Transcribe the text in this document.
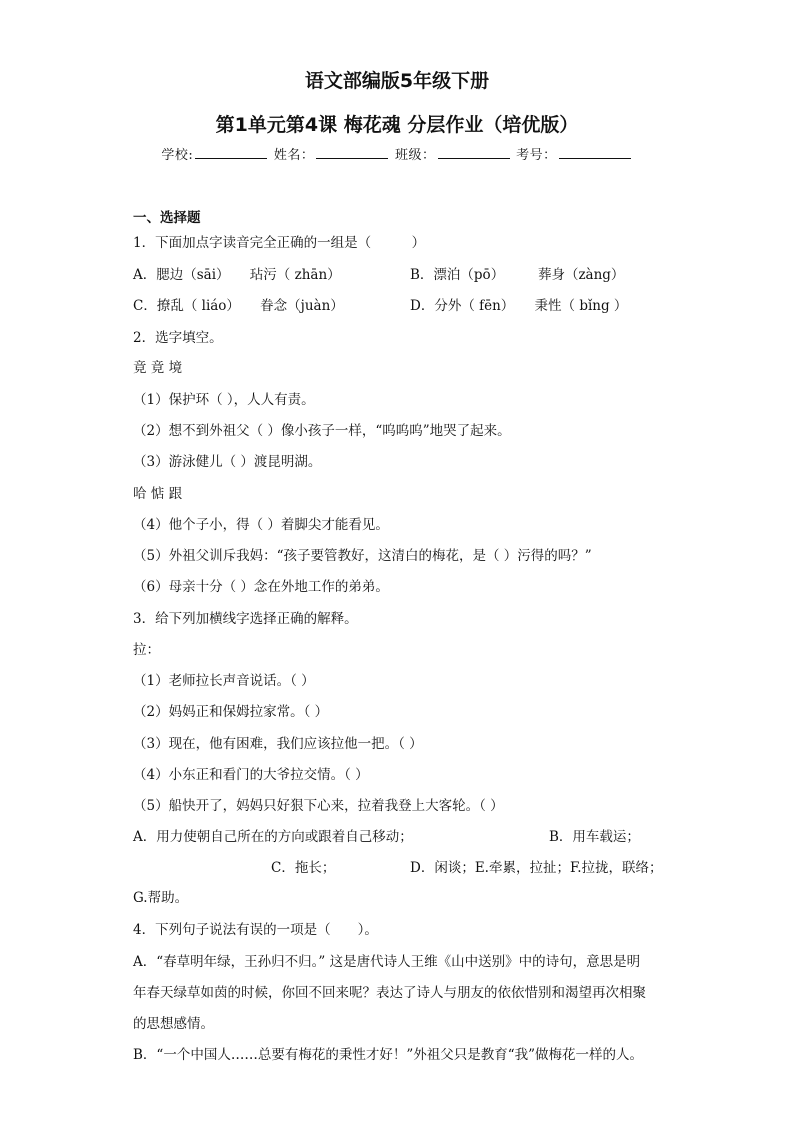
语文部编版5年级下册
第1单元第4课 梅花魂 分层作业（培优版）
学校:	姓名：	班级：	考号：
一、选择题
1．下面加点字读音完全正确的一组是（　　　）
A．腮边（sāi）　　玷污（ zhān）	B．漂泊（pō）　　　葬身（zàng）
C．撩乱（ liáo）　　眷念（juàn）	D．分外（ fēn）　　秉性（ bǐng ）
2．选字填空。
竟 竟 境
（1）保护环（ ），人人有责。
（2）想不到外祖父（ ）像小孩子一样，“呜呜呜”地哭了起来。
（3）游泳健儿（ ）渡昆明湖。
哈 惦 跟
（4）他个子小，得（ ）着脚尖才能看见。
（5）外祖父训斥我妈：“孩子要管教好，这清白的梅花，是（ ）污得的吗？”
（6）母亲十分（ ）念在外地工作的弟弟。
3．给下列加横线字选择正确的解释。
拉：
（1）老师拉长声音说话。（ ）
（2）妈妈正和保姆拉家常。（ ）
（3）现在，他有困难，我们应该拉他一把。（ ）
（4）小东正和看门的大爷拉交情。（ ）
（5）船快开了，妈妈只好狠下心来，拉着我登上大客轮。（ ）
A．用力使朝自己所在的方向或跟着自己移动；	B．用车载运；
C．拖长；	D．闲谈；E.牵累，拉扯；F.拉拢，联络；
G.帮助。
4．下列句子说法有误的一项是（　　）。
A．“春草明年绿，王孙归不归。” 这是唐代诗人王维《山中送别》中的诗句，意思是明
年春天绿草如茵的时候，你回不回来呢？表达了诗人与朋友的依依惜别和渴望再次相聚
的思想感情。
B．“一个中国人……总要有梅花的秉性才好！”外祖父只是教育“我”做梅花一样的人。
